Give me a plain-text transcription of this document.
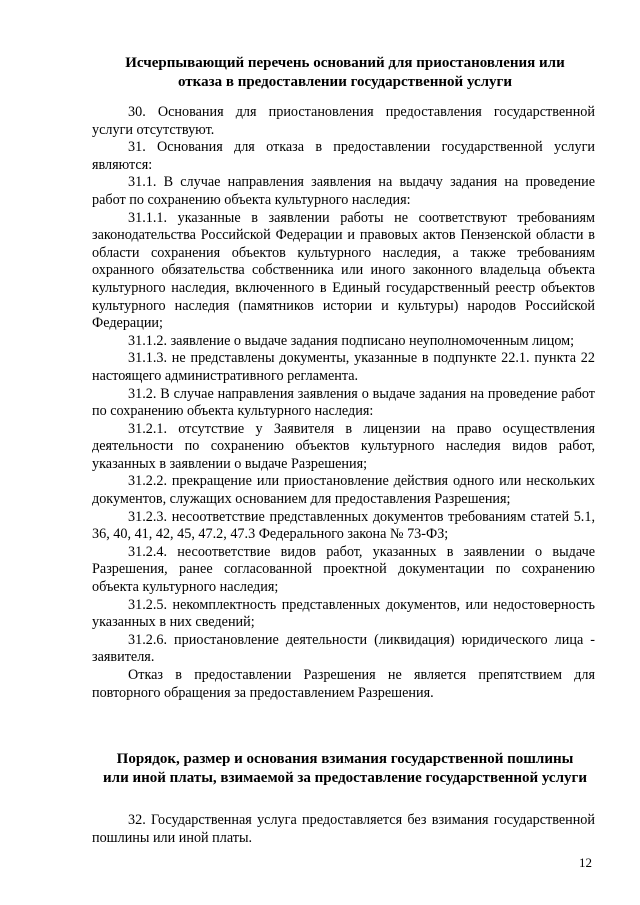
Исчерпывающий перечень оснований для приостановления или
отказа в предоставлении государственной услуги

30. Основания для приостановления предоставления государственной услуги отсутствуют.

31. Основания для отказа в предоставлении государственной услуги являются:

31.1. В случае направления заявления на выдачу задания на проведение работ по сохранению объекта культурного наследия:

31.1.1. указанные в заявлении работы не соответствуют требованиям законодательства Российской Федерации и правовых актов Пензенской области в области сохранения объектов культурного наследия, а также требованиям охранного обязательства собственника или иного законного владельца объекта культурного наследия, включенного в Единый государственный реестр объектов культурного наследия (памятников истории и культуры) народов Российской Федерации;

31.1.2. заявление о выдаче задания подписано неуполномоченным лицом;

31.1.3. не представлены документы, указанные в подпункте 22.1. пункта 22 настоящего административного регламента.

31.2. В случае направления заявления о выдаче задания на проведение работ по сохранению объекта культурного наследия:

31.2.1. отсутствие у Заявителя в лицензии на право осуществления деятельности по сохранению объектов культурного наследия видов работ, указанных в заявлении о выдаче Разрешения;

31.2.2. прекращение или приостановление действия одного или нескольких документов, служащих основанием для предоставления Разрешения;

31.2.3. несоответствие представленных документов требованиям статей 5.1, 36, 40, 41, 42, 45, 47.2, 47.3 Федерального закона № 73-ФЗ;

31.2.4. несоответствие видов работ, указанных в заявлении о выдаче Разрешения, ранее согласованной проектной документации по сохранению объекта культурного наследия;

31.2.5. некомплектность представленных документов, или недостоверность указанных в них сведений;

31.2.6. приостановление деятельности (ликвидация) юридического лица - заявителя.

Отказ в предоставлении Разрешения не является препятствием для повторного обращения за предоставлением Разрешения.

Порядок, размер и основания взимания государственной пошлины
или иной платы, взимаемой за предоставление государственной услуги

32. Государственная услуга предоставляется без взимания государственной пошлины или иной платы.

12
